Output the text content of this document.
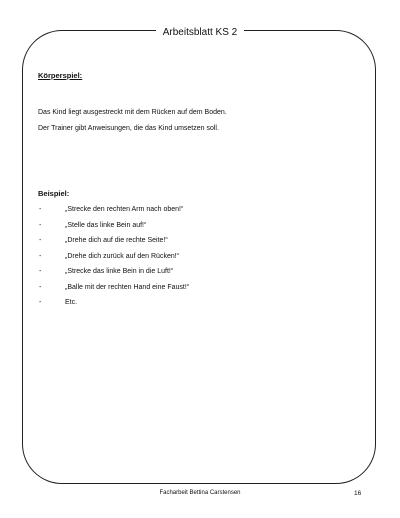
Arbeitsblatt KS 2
Körperspiel:
Das Kind liegt ausgestreckt mit dem Rücken auf dem Boden.
Der Trainer gibt Anweisungen, die das Kind umsetzen soll.
Beispiel:
-	„Strecke den rechten Arm nach oben!“
-	„Stelle das linke Bein auf!“
-	„Drehe dich auf die rechte Seite!“
-	„Drehe dich zurück auf den Rücken!“
-	„Strecke das linke Bein in die Luft!“
-	„Balle mit der rechten Hand eine Faust!“
-	Etc.
Facharbeit Bettina Carstensen	16
